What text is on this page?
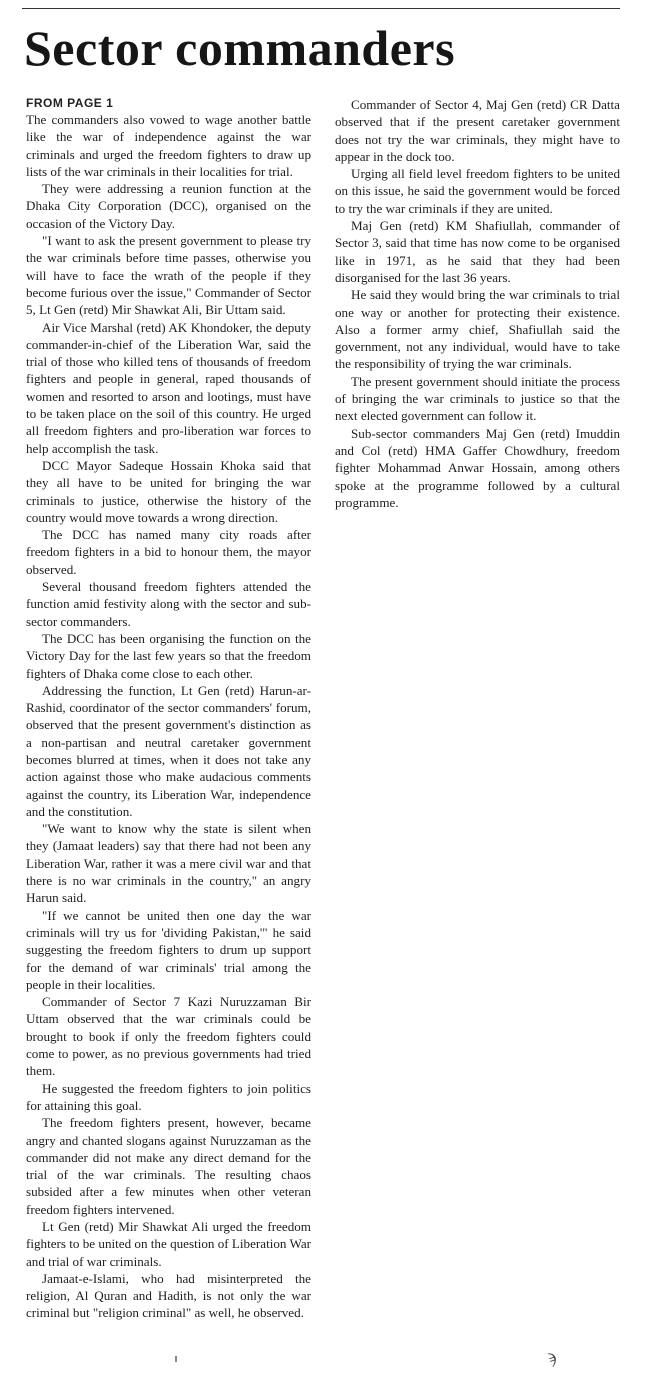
Sector commanders
FROM PAGE 1

The commanders also vowed to wage another battle like the war of independence against the war criminals and urged the freedom fighters to draw up lists of the war criminals in their localities for trial.

They were addressing a reunion function at the Dhaka City Corporation (DCC), organised on the occasion of the Victory Day.

"I want to ask the present government to please try the war criminals before time passes, otherwise you will have to face the wrath of the people if they become furious over the issue," Commander of Sector 5, Lt Gen (retd) Mir Shawkat Ali, Bir Uttam said.

Air Vice Marshal (retd) AK Khondoker, the deputy commander-in-chief of the Liberation War, said the trial of those who killed tens of thousands of freedom fighters and people in general, raped thousands of women and resorted to arson and lootings, must have to be taken place on the soil of this country. He urged all freedom fighters and pro-liberation war forces to help accomplish the task.

DCC Mayor Sadeque Hossain Khoka said that they all have to be united for bringing the war criminals to justice, otherwise the history of the country would move towards a wrong direction.

The DCC has named many city roads after freedom fighters in a bid to honour them, the mayor observed.

Several thousand freedom fighters attended the function amid festivity along with the sector and sub-sector commanders.

The DCC has been organising the function on the Victory Day for the last few years so that the freedom fighters of Dhaka come close to each other.

Addressing the function, Lt Gen (retd) Harun-ar-Rashid, coordinator of the sector commanders' forum, observed that the present government's distinction as a non-partisan and neutral caretaker government becomes blurred at times, when it does not take any action against those who make audacious comments against the country, its Liberation War, independence and the constitution.

"We want to know why the state is silent when they (Jamaat leaders) say that there had not been any Liberation War, rather it was a mere civil war and that there is no war criminals in the country," an angry Harun said.

"If we cannot be united then one day the war criminals will try us for 'dividing Pakistan,'" he said suggesting the freedom fighters to drum up support for the demand of war criminals' trial among the people in their localities.

Commander of Sector 7 Kazi Nuruzzaman Bir Uttam observed that the war criminals could be brought to book if only the freedom fighters could come to power, as no previous governments had tried them.

He suggested the freedom fighters to join politics for attaining this goal.

The freedom fighters present, however, became angry and chanted slogans against Nuruzzaman as the commander did not make any direct demand for the trial of the war criminals. The resulting chaos subsided after a few minutes when other veteran freedom fighters intervened.

Lt Gen (retd) Mir Shawkat Ali urged the freedom fighters to be united on the question of Liberation War and trial of war criminals.

Jamaat-e-Islami, who had misinterpreted the religion, Al Quran and Hadith, is not only the war criminal but "religion criminal" as well, he observed.

Commander of Sector 4, Maj Gen (retd) CR Datta observed that if the present caretaker government does not try the war criminals, they might have to appear in the dock too.

Urging all field level freedom fighters to be united on this issue, he said the government would be forced to try the war criminals if they are united.

Maj Gen (retd) KM Shafiullah, commander of Sector 3, said that time has now come to be organised like in 1971, as he said that they had been disorganised for the last 36 years.

He said they would bring the war criminals to trial one way or another for protecting their existence. Also a former army chief, Shafiullah said the government, not any individual, would have to take the responsibility of trying the war criminals.

The present government should initiate the process of bringing the war criminals to justice so that the next elected government can follow it.

Sub-sector commanders Maj Gen (retd) Imuddin and Col (retd) HMA Gaffer Chowdhury, freedom fighter Mohammad Anwar Hossain, among others spoke at the programme followed by a cultural programme.

ϡ
